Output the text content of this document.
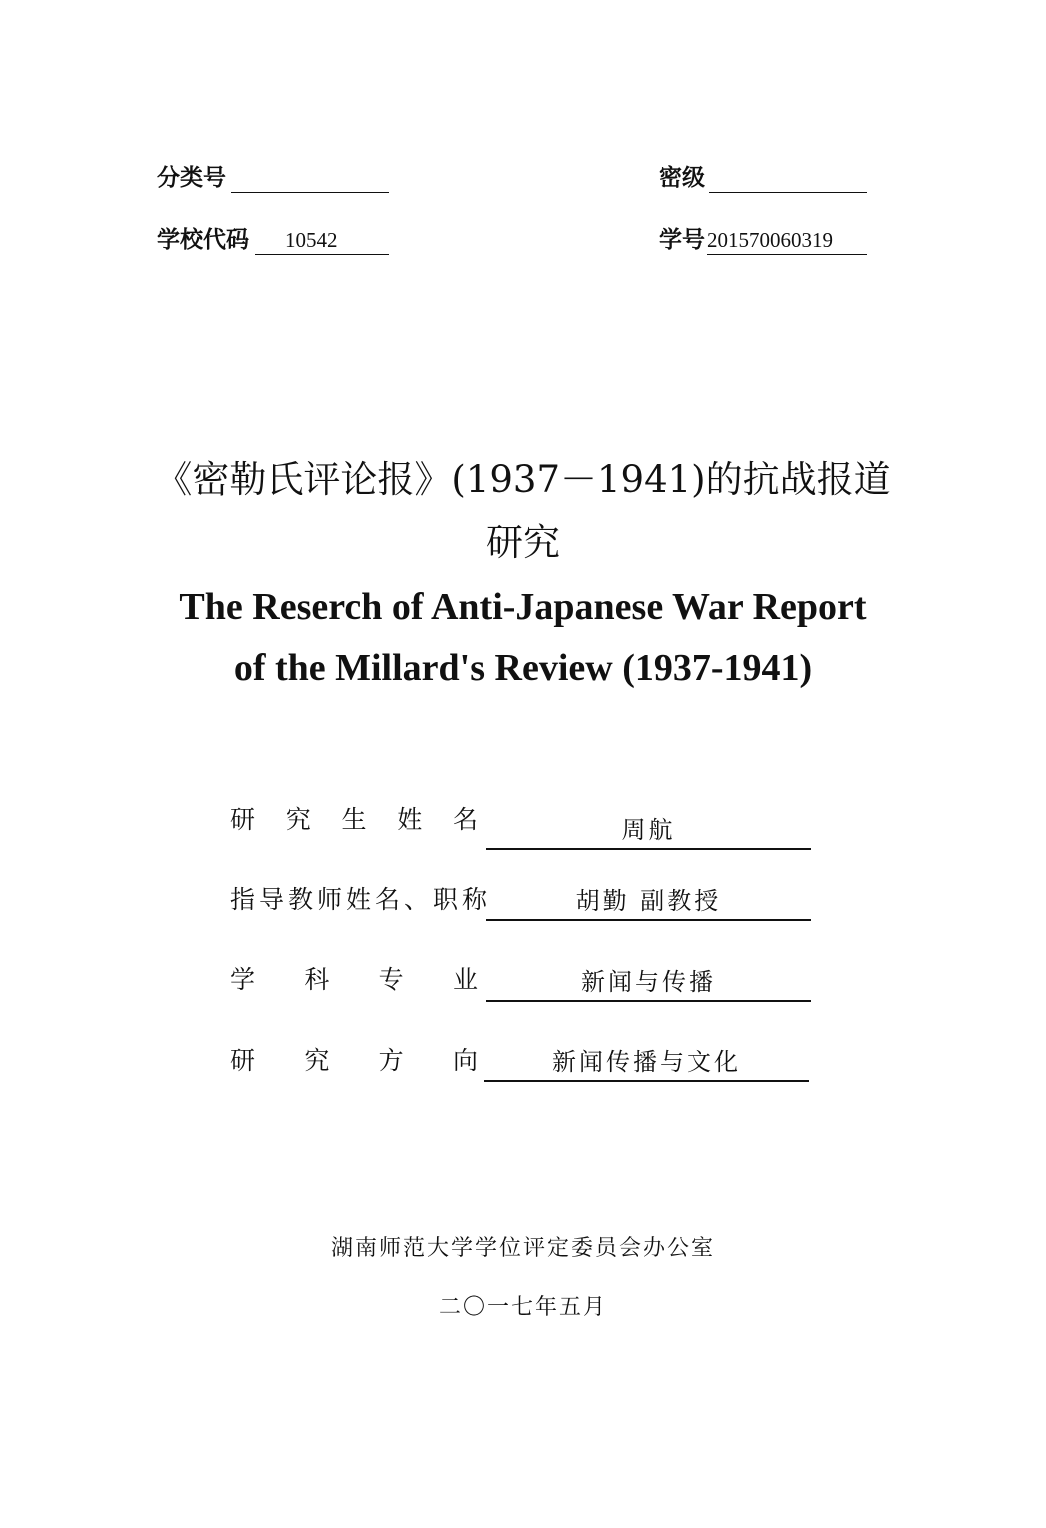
分类号	密级
学校代码	10542	学号 201570060319
《密勒氏评论报》(1937－1941)的抗战报道
研究
The Reserch of Anti-Japanese War Report
of the Millard's Review (1937-1941)
研 究 生 姓 名	周航
指导教师姓名、职称	胡勤 副教授
学 科 专 业	新闻与传播
研 究 方 向	新闻传播与文化
湖南师范大学学位评定委员会办公室
二〇一七年五月
